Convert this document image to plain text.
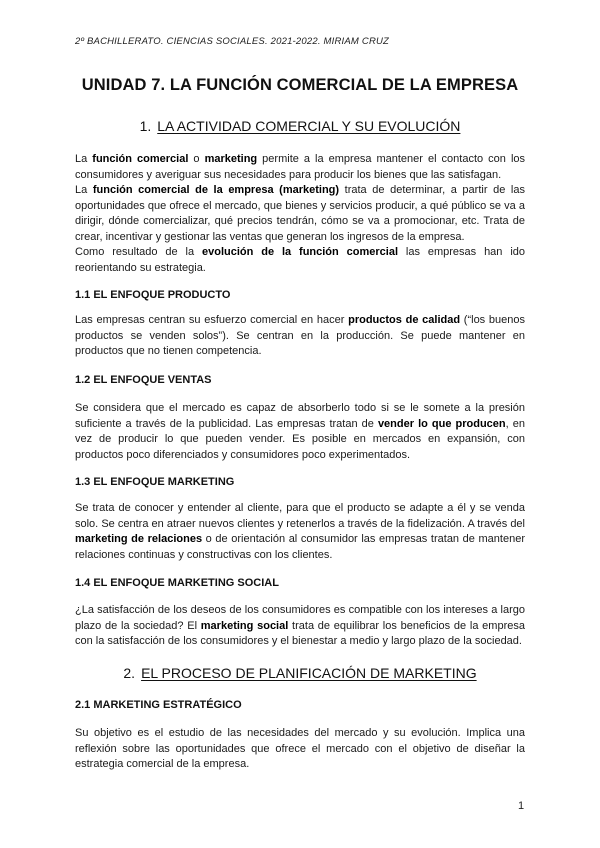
2º BACHILLERATO. CIENCIAS SOCIALES. 2021-2022. MIRIAM CRUZ
UNIDAD 7. LA FUNCIÓN COMERCIAL DE LA EMPRESA
1. LA ACTIVIDAD COMERCIAL Y SU EVOLUCIÓN
La función comercial o marketing permite a la empresa mantener el contacto con los consumidores y averiguar sus necesidades para producir los bienes que las satisfagan.
La función comercial de la empresa (marketing) trata de determinar, a partir de las oportunidades que ofrece el mercado, que bienes y servicios producir, a qué público se va a dirigir, dónde comercializar, qué precios tendrán, cómo se va a promocionar, etc. Trata de crear, incentivar y gestionar las ventas que generan los ingresos de la empresa.
Como resultado de la evolución de la función comercial las empresas han ido reorientando su estrategia.
1.1 EL ENFOQUE PRODUCTO
Las empresas centran su esfuerzo comercial en hacer productos de calidad (“los buenos productos se venden solos”). Se centran en la producción. Se puede mantener en productos que no tienen competencia.
1.2 EL ENFOQUE VENTAS
Se considera que el mercado es capaz de absorberlo todo si se le somete a la presión suficiente a través de la publicidad. Las empresas tratan de vender lo que producen, en vez de producir lo que pueden vender. Es posible en mercados en expansión, con productos poco diferenciados y consumidores poco experimentados.
1.3 EL ENFOQUE MARKETING
Se trata de conocer y entender al cliente, para que el producto se adapte a él y se venda solo. Se centra en atraer nuevos clientes y retenerlos a través de la fidelización. A través del marketing de relaciones o de orientación al consumidor las empresas tratan de mantener relaciones continuas y constructivas con los clientes.
1.4 EL ENFOQUE MARKETING SOCIAL
¿La satisfacción de los deseos de los consumidores es compatible con los intereses a largo plazo de la sociedad? El marketing social trata de equilibrar los beneficios de la empresa con la satisfacción de los consumidores y el bienestar a medio y largo plazo de la sociedad.
2. EL PROCESO DE PLANIFICACIÓN DE MARKETING
2.1 MARKETING ESTRATÉGICO
Su objetivo es el estudio de las necesidades del mercado y su evolución. Implica una reflexión sobre las oportunidades que ofrece el mercado con el objetivo de diseñar la estrategia comercial de la empresa.
1
